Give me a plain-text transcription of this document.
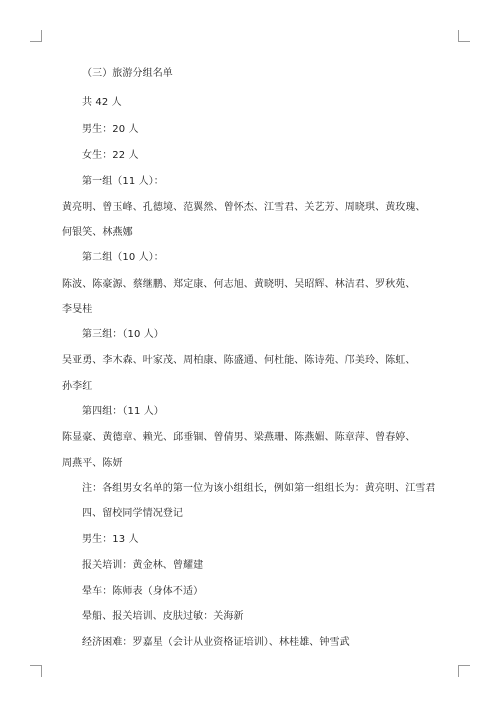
（三）旅游分组名单
共 42 人
男生：20 人
女生：22 人
第一组（11 人）：
黄亮明、曾玉峰、孔德境、范翼然、曾怀杰、江雪君、关艺芳、周晓琪、黄玫瑰、
何银笑、林燕娜
第二组（10 人）：
陈波、陈豪源、蔡继鹏、郑定康、何志旭、黄晓明、吴昭辉、林洁君、罗秋苑、
李旻桂
第三组：（10 人）
吴亚勇、李木森、叶家茂、周柏康、陈盛通、何杜能、陈诗苑、邝美玲、陈虹、
孙李红
第四组：（11 人）
陈显豪、黄德章、赖光、邱垂锢、曾倩男、梁燕珊、陈燕媚、陈章萍、曾春婷、
周燕平、陈妍
注：各组男女名单的第一位为该小组组长，例如第一组组长为：黄亮明、江雪君
四、留校同学情况登记
男生：13 人
报关培训：黄金林、曾耀建
晕车：陈师表（身体不适）
晕船、报关培训、皮肤过敏：关海新
经济困难：罗嘉星（会计从业资格证培训）、林桂雄、钟雪武
